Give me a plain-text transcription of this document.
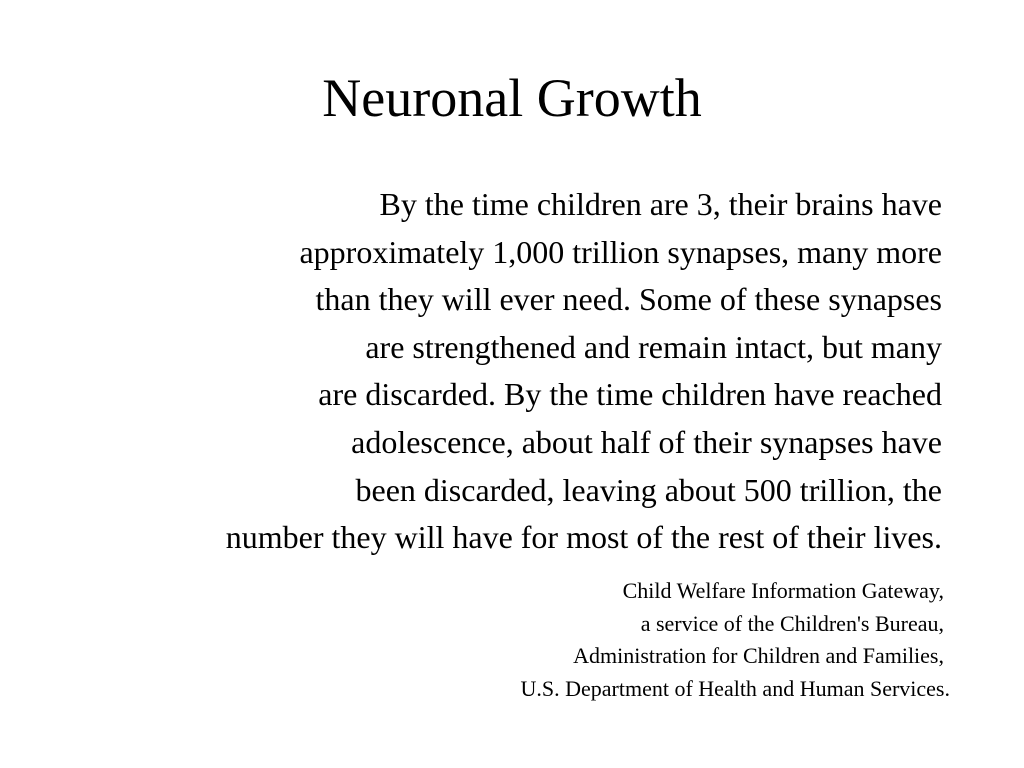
Neuronal Growth
By the time children are 3, their brains have
approximately 1,000 trillion synapses, many more
than they will ever need. Some of these synapses
are strengthened and remain intact, but many
are discarded. By the time children have reached
adolescence, about half of their synapses have
been discarded, leaving about 500 trillion, the
number they will have for most of the rest of their lives.
Child Welfare Information Gateway,
a service of the Children's Bureau,
Administration for Children and Families,
U.S. Department of Health and Human Services.
